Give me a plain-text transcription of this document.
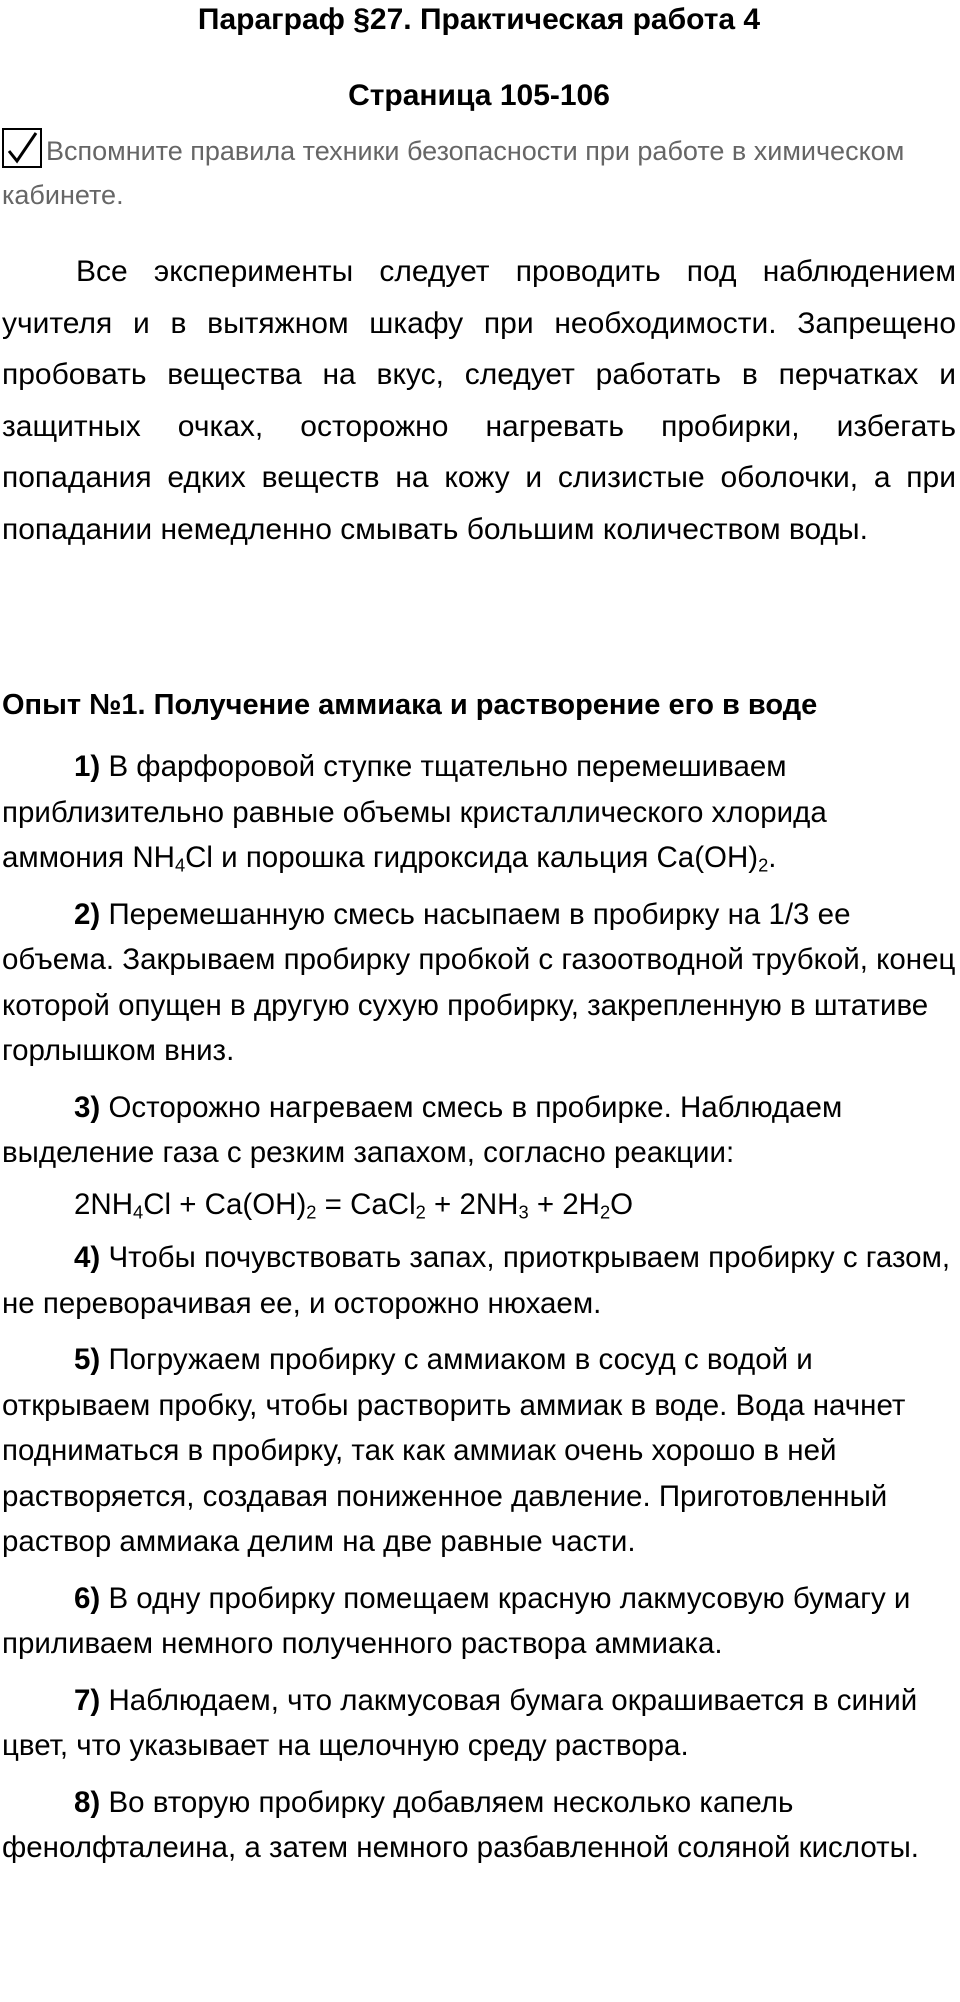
Параграф §27. Практическая работа 4
Страница 105-106
Вспомните правила техники безопасности при работе в химическом кабинете.
Все эксперименты следует проводить под наблюдением учителя и в вытяжном шкафу при необходимости. Запрещено пробовать вещества на вкус, следует работать в перчатках и защитных очках, осторожно нагревать пробирки, избегать попадания едких веществ на кожу и слизистые оболочки, а при попадании немедленно смывать большим количеством воды.
Опыт №1. Получение аммиака и растворение его в воде
1) В фарфоровой ступке тщательно перемешиваем приблизительно равные объемы кристаллического хлорида аммония $NH_4Cl$ и порошка гидроксида кальция $Ca(OH)_2$.
2) Перемешанную смесь насыпаем в пробирку на 1/3 ее объема. Закрываем пробирку пробкой с газоотводной трубкой, конец которой опущен в другую сухую пробирку, закрепленную в штативе горлышком вниз.
3) Осторожно нагреваем смесь в пробирке. Наблюдаем выделение газа с резким запахом, согласно реакции:
$2NH_4Cl + Ca(OH)_2$ = CaCl$_2$ + $2NH_3 + 2H_2O$
4) Чтобы почувствовать запах, приоткрываем пробирку с газом, не переворачивая ее, и осторожно нюхаем.
5) Погружаем пробирку с аммиаком в сосуд с водой и открываем пробку, чтобы растворить аммиак в воде. Вода начнет подниматься в пробирку, так как аммиак очень хорошо в ней растворяется, создавая пониженное давление. Приготовленный раствор аммиака делим на две равные части.
6) В одну пробирку помещаем красную лакмусовую бумагу и приливаем немного полученного раствора аммиака.
7) Наблюдаем, что лакмусовая бумага окрашивается в синий цвет, что указывает на щелочную среду раствора.
8) Во вторую пробирку добавляем несколько капель фенолфталеина, а затем немного разбавленной соляной кислоты.
